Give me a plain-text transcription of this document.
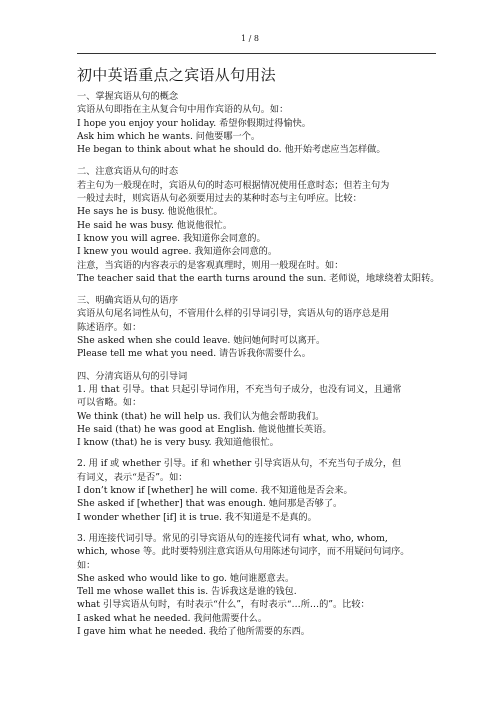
1 / 8
初中英语重点之宾语从句用法
一、掌握宾语从句的概念
宾语从句即指在主从复合句中用作宾语的从句。如：
I hope you enjoy your holiday. 希望你假期过得愉快。
Ask him which he wants. 问他要哪一个。
He began to think about what he should do. 他开始考虑应当怎样做。
二、注意宾语从句的时态
若主句为一般现在时，宾语从句的时态可根据情况使用任意时态；但若主句为
一般过去时，则宾语从句必须要用过去的某种时态与主句呼应。比较：
He says he is busy. 他说他很忙。
He said he was busy. 他说他很忙。
I know you will agree. 我知道你会同意的。
I knew you would agree. 我知道你会同意的。
注意，当宾语的内容表示的是客观真理时，则用一般现在时。如：
The teacher said that the earth turns around the sun. 老师说，地球绕着太阳转。
三、明确宾语从句的语序
宾语从句尾名词性从句，不管用什么样的引导词引导，宾语从句的语序总是用
陈述语序。如：
She asked when she could leave. 她问她何时可以离开。
Please tell me what you need. 请告诉我你需要什么。
四、分清宾语从句的引导词
1. 用 that 引导。that 只起引导词作用，不充当句子成分，也没有词义，且通常
可以省略。如：
We think (that) he will help us. 我们认为他会帮助我们。
He said (that) he was good at English. 他说他擅长英语。
I know (that) he is very busy. 我知道他很忙。
2. 用 if 或 whether 引导。if 和 whether 引导宾语从句，不充当句子成分，但
有词义，表示“是否”。如：
I don’t know if [whether] he will come. 我不知道他是否会来。
She asked if [whether] that was enough. 她问那是否够了。
I wonder whether [if] it is true. 我不知道是不是真的。
3. 用连接代词引导。常见的引导宾语从句的连接代词有 what, who, whom,
which, whose 等。此时要特别注意宾语从句用陈述句词序，而不用疑问句词序。
如：
She asked who would like to go. 她问谁愿意去。
Tell me whose wallet this is. 告诉我这是谁的钱包.
what 引导宾语从句时，有时表示“什么”，有时表示“…所…的”。比较：
I asked what he needed. 我问他需要什么。
I gave him what he needed. 我给了他所需要的东西。
